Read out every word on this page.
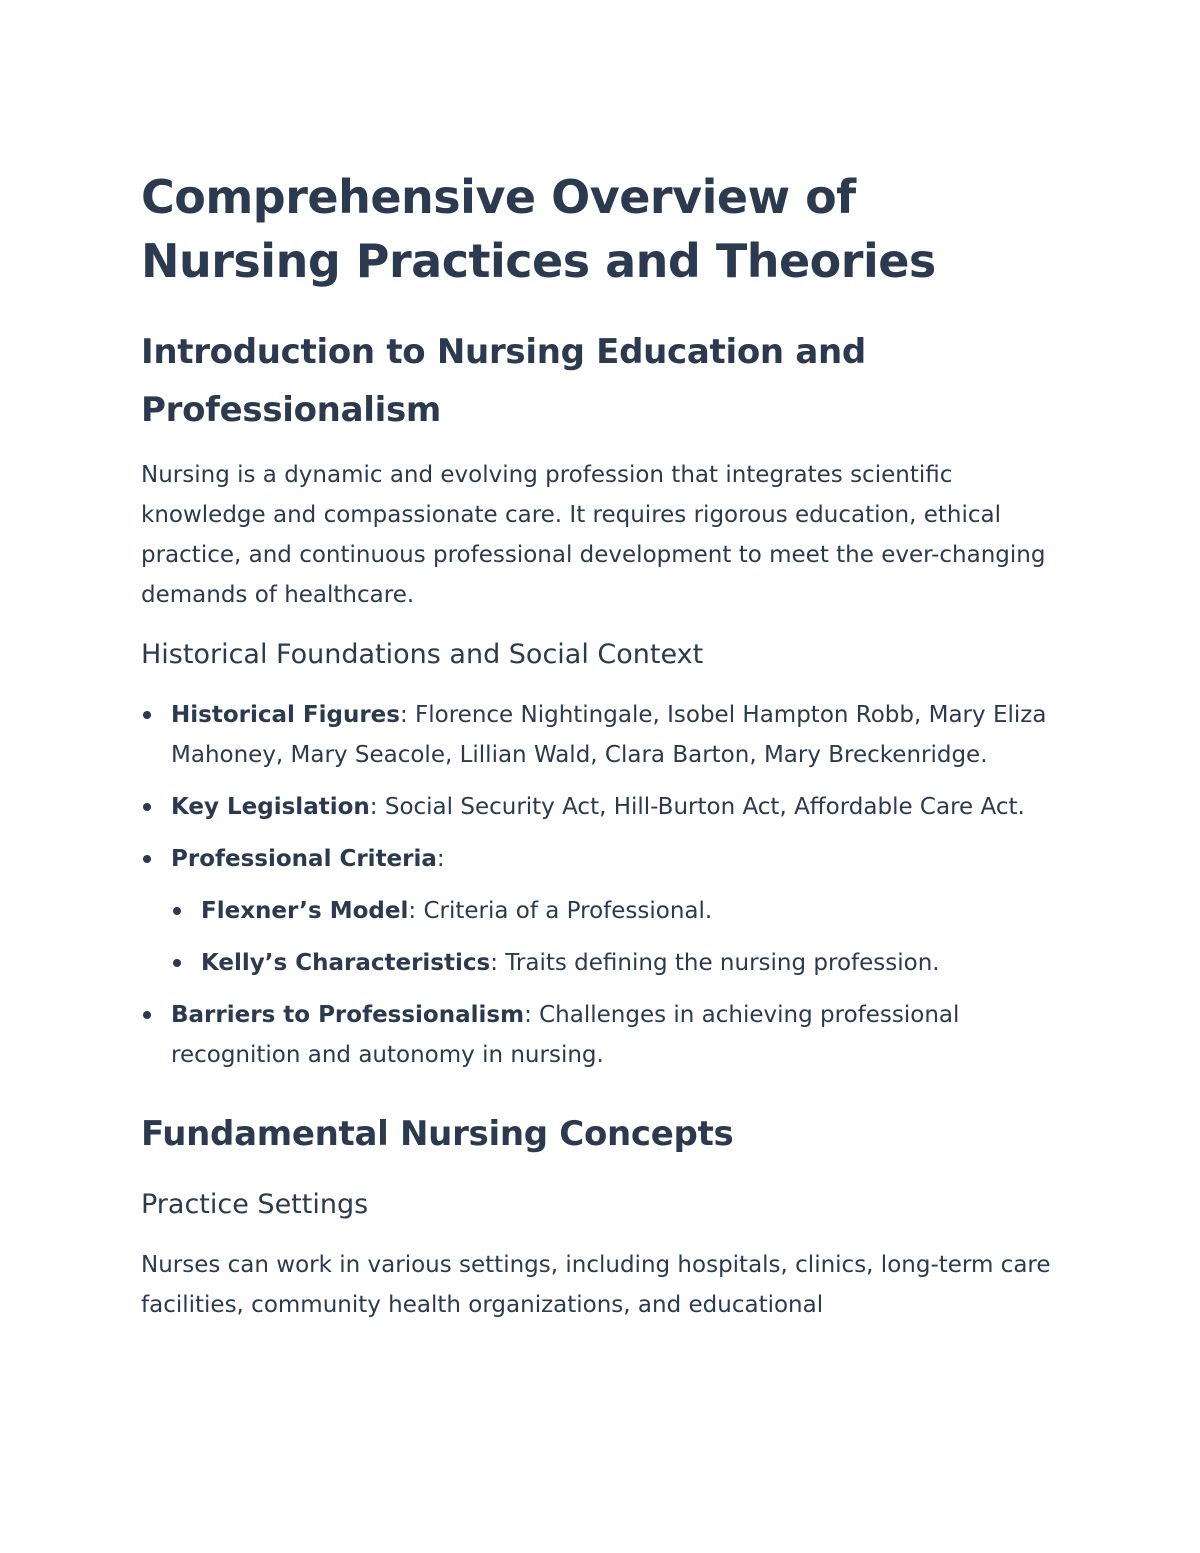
Comprehensive Overview of Nursing Practices and Theories
Introduction to Nursing Education and Professionalism

Nursing is a dynamic and evolving profession that integrates scientific knowledge and compassionate care. It requires rigorous education, ethical practice, and continuous professional development to meet the ever-changing demands of healthcare.

Historical Foundations and Social Context
Historical Figures: Florence Nightingale, Isobel Hampton Robb, Mary Eliza Mahoney, Mary Seacole, Lillian Wald, Clara Barton, Mary Breckenridge.
Key Legislation: Social Security Act, Hill-Burton Act, Affordable Care Act.
Professional Criteria:
Flexner’s Model: Criteria of a Professional.
Kelly’s Characteristics: Traits defining the nursing profession.
Barriers to Professionalism: Challenges in achieving professional recognition and autonomy in nursing.
Fundamental Nursing Concepts
Practice Settings

Nurses can work in various settings, including hospitals, clinics, long-term care facilities, community health organizations, and educational
